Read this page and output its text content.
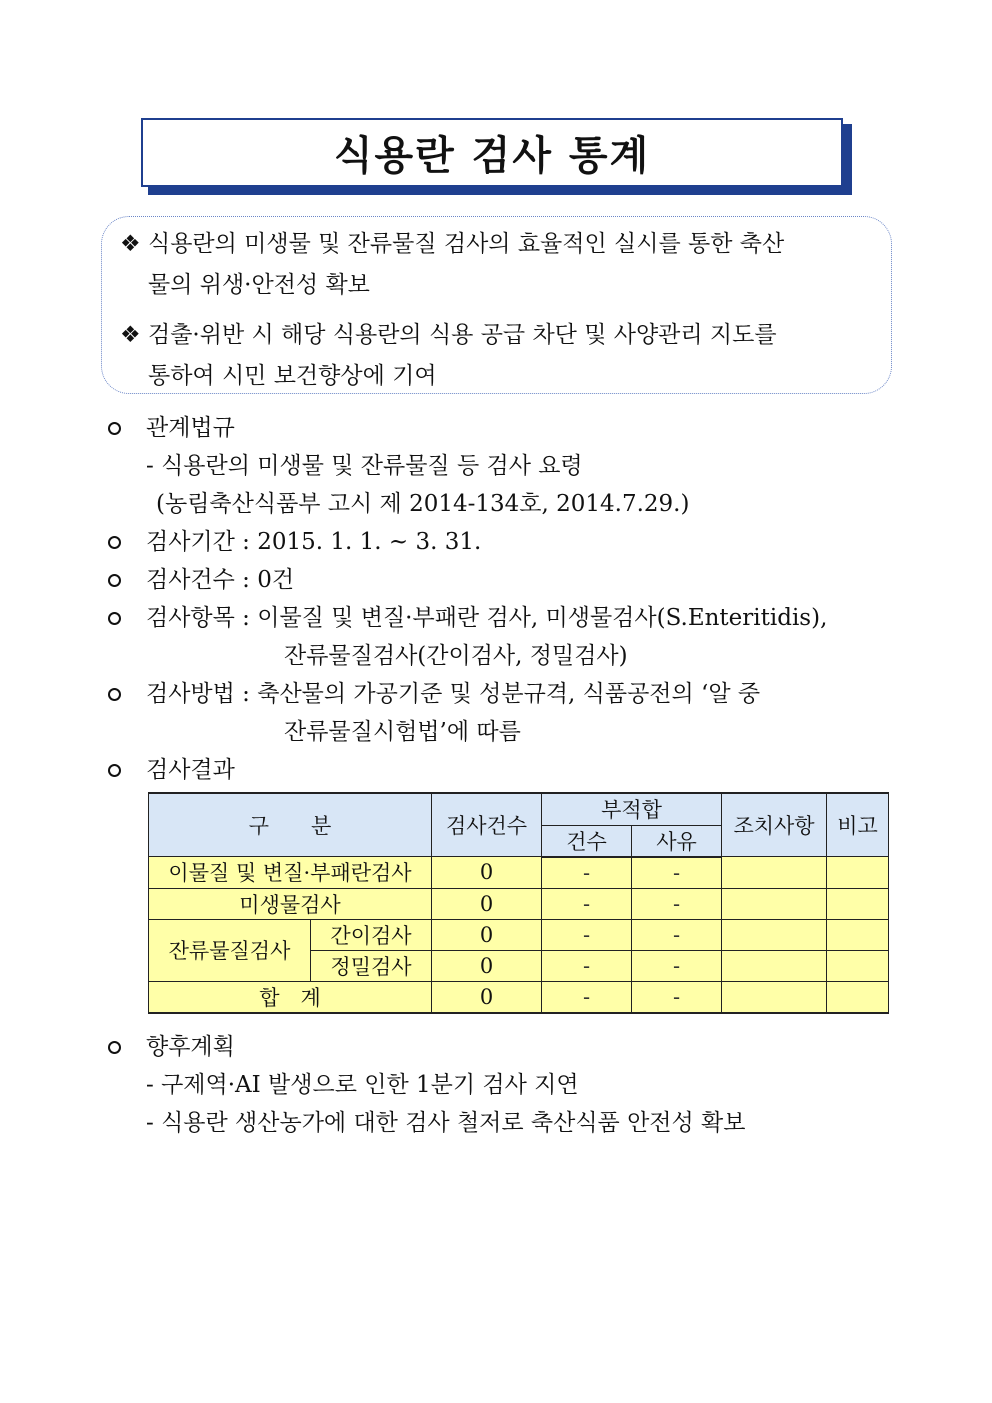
식용란 검사 통계
❖ 식용란의 미생물 및 잔류물질 검사의 효율적인 실시를 통한 축산
물의 위생·안전성 확보
❖ 검출·위반 시 해당 식용란의 식용 공급 차단 및 사양관리 지도를
통하여 시민 보건향상에 기여
관계법규
- 식용란의 미생물 및 잔류물질 등 검사 요령
(농림축산식품부 고시 제 2014-134호, 2014.7.29.)
검사기간 : 2015. 1. 1. ~ 3. 31.
검사건수 : 0건
검사항목 : 이물질 및 변질·부패란 검사, 미생물검사(S.Enteritidis),
잔류물질검사(간이검사, 정밀검사)
검사방법 : 축산물의 가공기준 및 성분규격, 식품공전의 ‘알 중
잔류물질시험법’에 따름
검사결과
구　　분		검사건수	부적합		조치사항	비고
			건수	사유		
이물질 및 변질·부패란검사		0	-	-		
미생물검사		0	-	-		
잔류물질검사	간이검사	0	-	-		
	정밀검사	0	-	-		
합　계		0	-	-		
향후계획
- 구제역·AI 발생으로 인한 1분기 검사 지연
- 식용란 생산농가에 대한 검사 철저로 축산식품 안전성 확보
